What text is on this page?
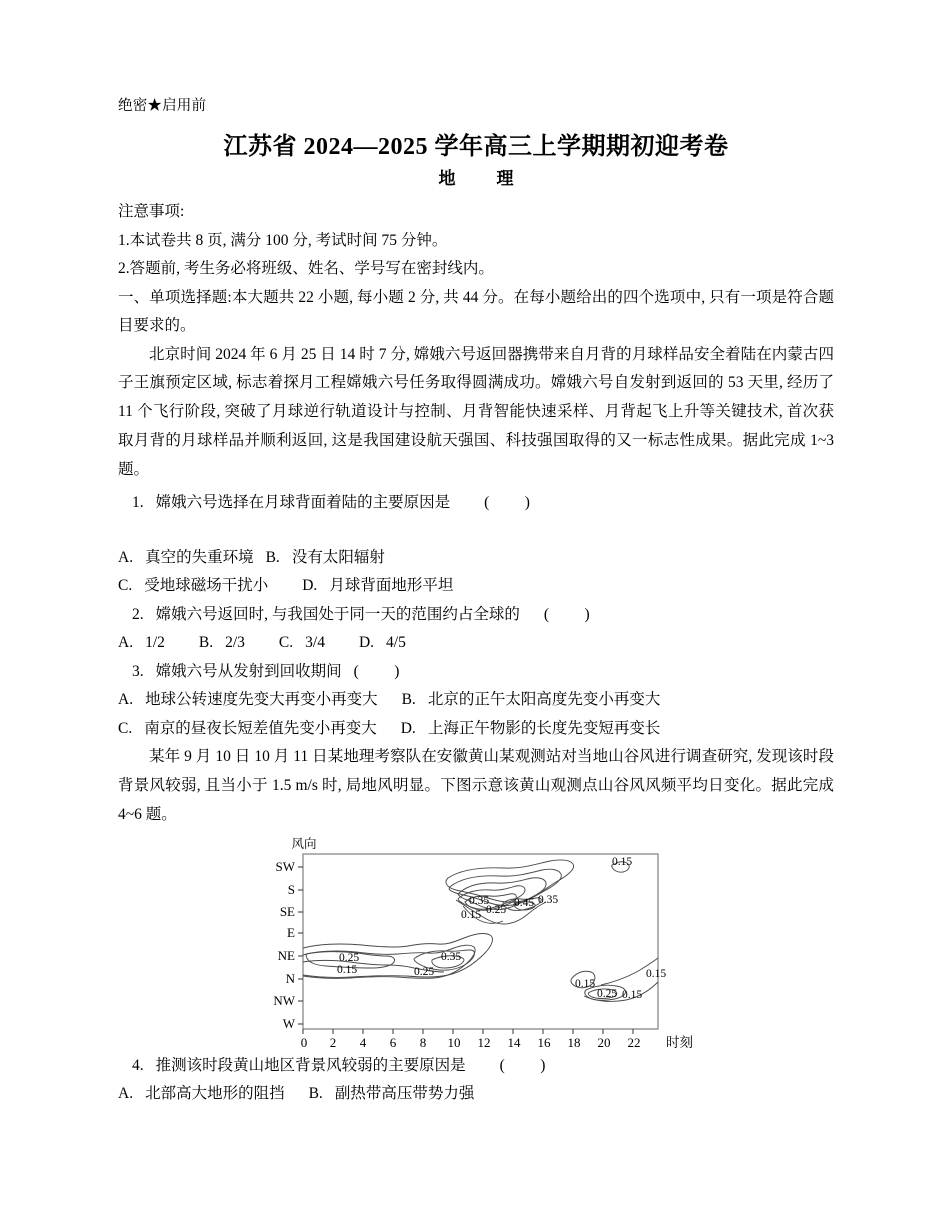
绝密★启用前
江苏省 2024—2025 学年高三上学期期初迎考卷
地　理
注意事项:
1.本试卷共 8 页, 满分 100 分, 考试时间 75 分钟。
2.答题前, 考生务必将班级、姓名、学号写在密封线内。
一、单项选择题:本大题共 22 小题, 每小题 2 分, 共 44 分。在每小题给出的四个选项中, 只有一项是符合题目要求的。
北京时间 2024 年 6 月 25 日 14 时 7 分, 嫦娥六号返回器携带来自月背的月球样品安全着陆在内蒙古四子王旗预定区域, 标志着探月工程嫦娥六号任务取得圆满成功。嫦娥六号自发射到返回的 53 天里, 经历了 11 个飞行阶段, 突破了月球逆行轨道设计与控制、月背智能快速采样、月背起飞上升等关键技术, 首次获取月背的月球样品并顺利返回, 这是我国建设航天强国、科技强国取得的又一标志性成果。据此完成 1~3 题。
1. 嫦娥六号选择在月球背面着陆的主要原因是 (　)
A. 真空的失重环境 B. 没有太阳辐射
C. 受地球磁场干扰小 D. 月球背面地形平坦
2. 嫦娥六号返回时, 与我国处于同一天的范围约占全球的 (　)
A. 1/2 B. 2/3 C. 3/4 D. 4/5
3. 嫦娥六号从发射到回收期间 (　)
A. 地球公转速度先变大再变小再变大 B. 北京的正午太阳高度先变小再变大
C. 南京的昼夜长短差值先变小再变大 D. 上海正午物影的长度先变短再变长
某年 9 月 10 日 10 月 11 日某地理考察队在安徽黄山某观测站对当地山谷风进行调查研究, 发现该时段背景风较弱, 且当小于 1.5 m/s 时, 局地风明显。下图示意该黄山观测点山谷风风频平均日变化。据此完成 4~6 题。
风向
SW
S
SE
E
NE
N
NW
W
0 2 4 6 8 10 12 14 16 18 20 22 时刻
0.35 0.45 0.35
0.15 0.25
0.15
0.25
0.15
0.35
0.25
0.15
0.25 0.15
0.15
4. 推测该时段黄山地区背景风较弱的主要原因是 (　)
A. 北部高大地形的阻挡 B. 副热带高压带势力强
